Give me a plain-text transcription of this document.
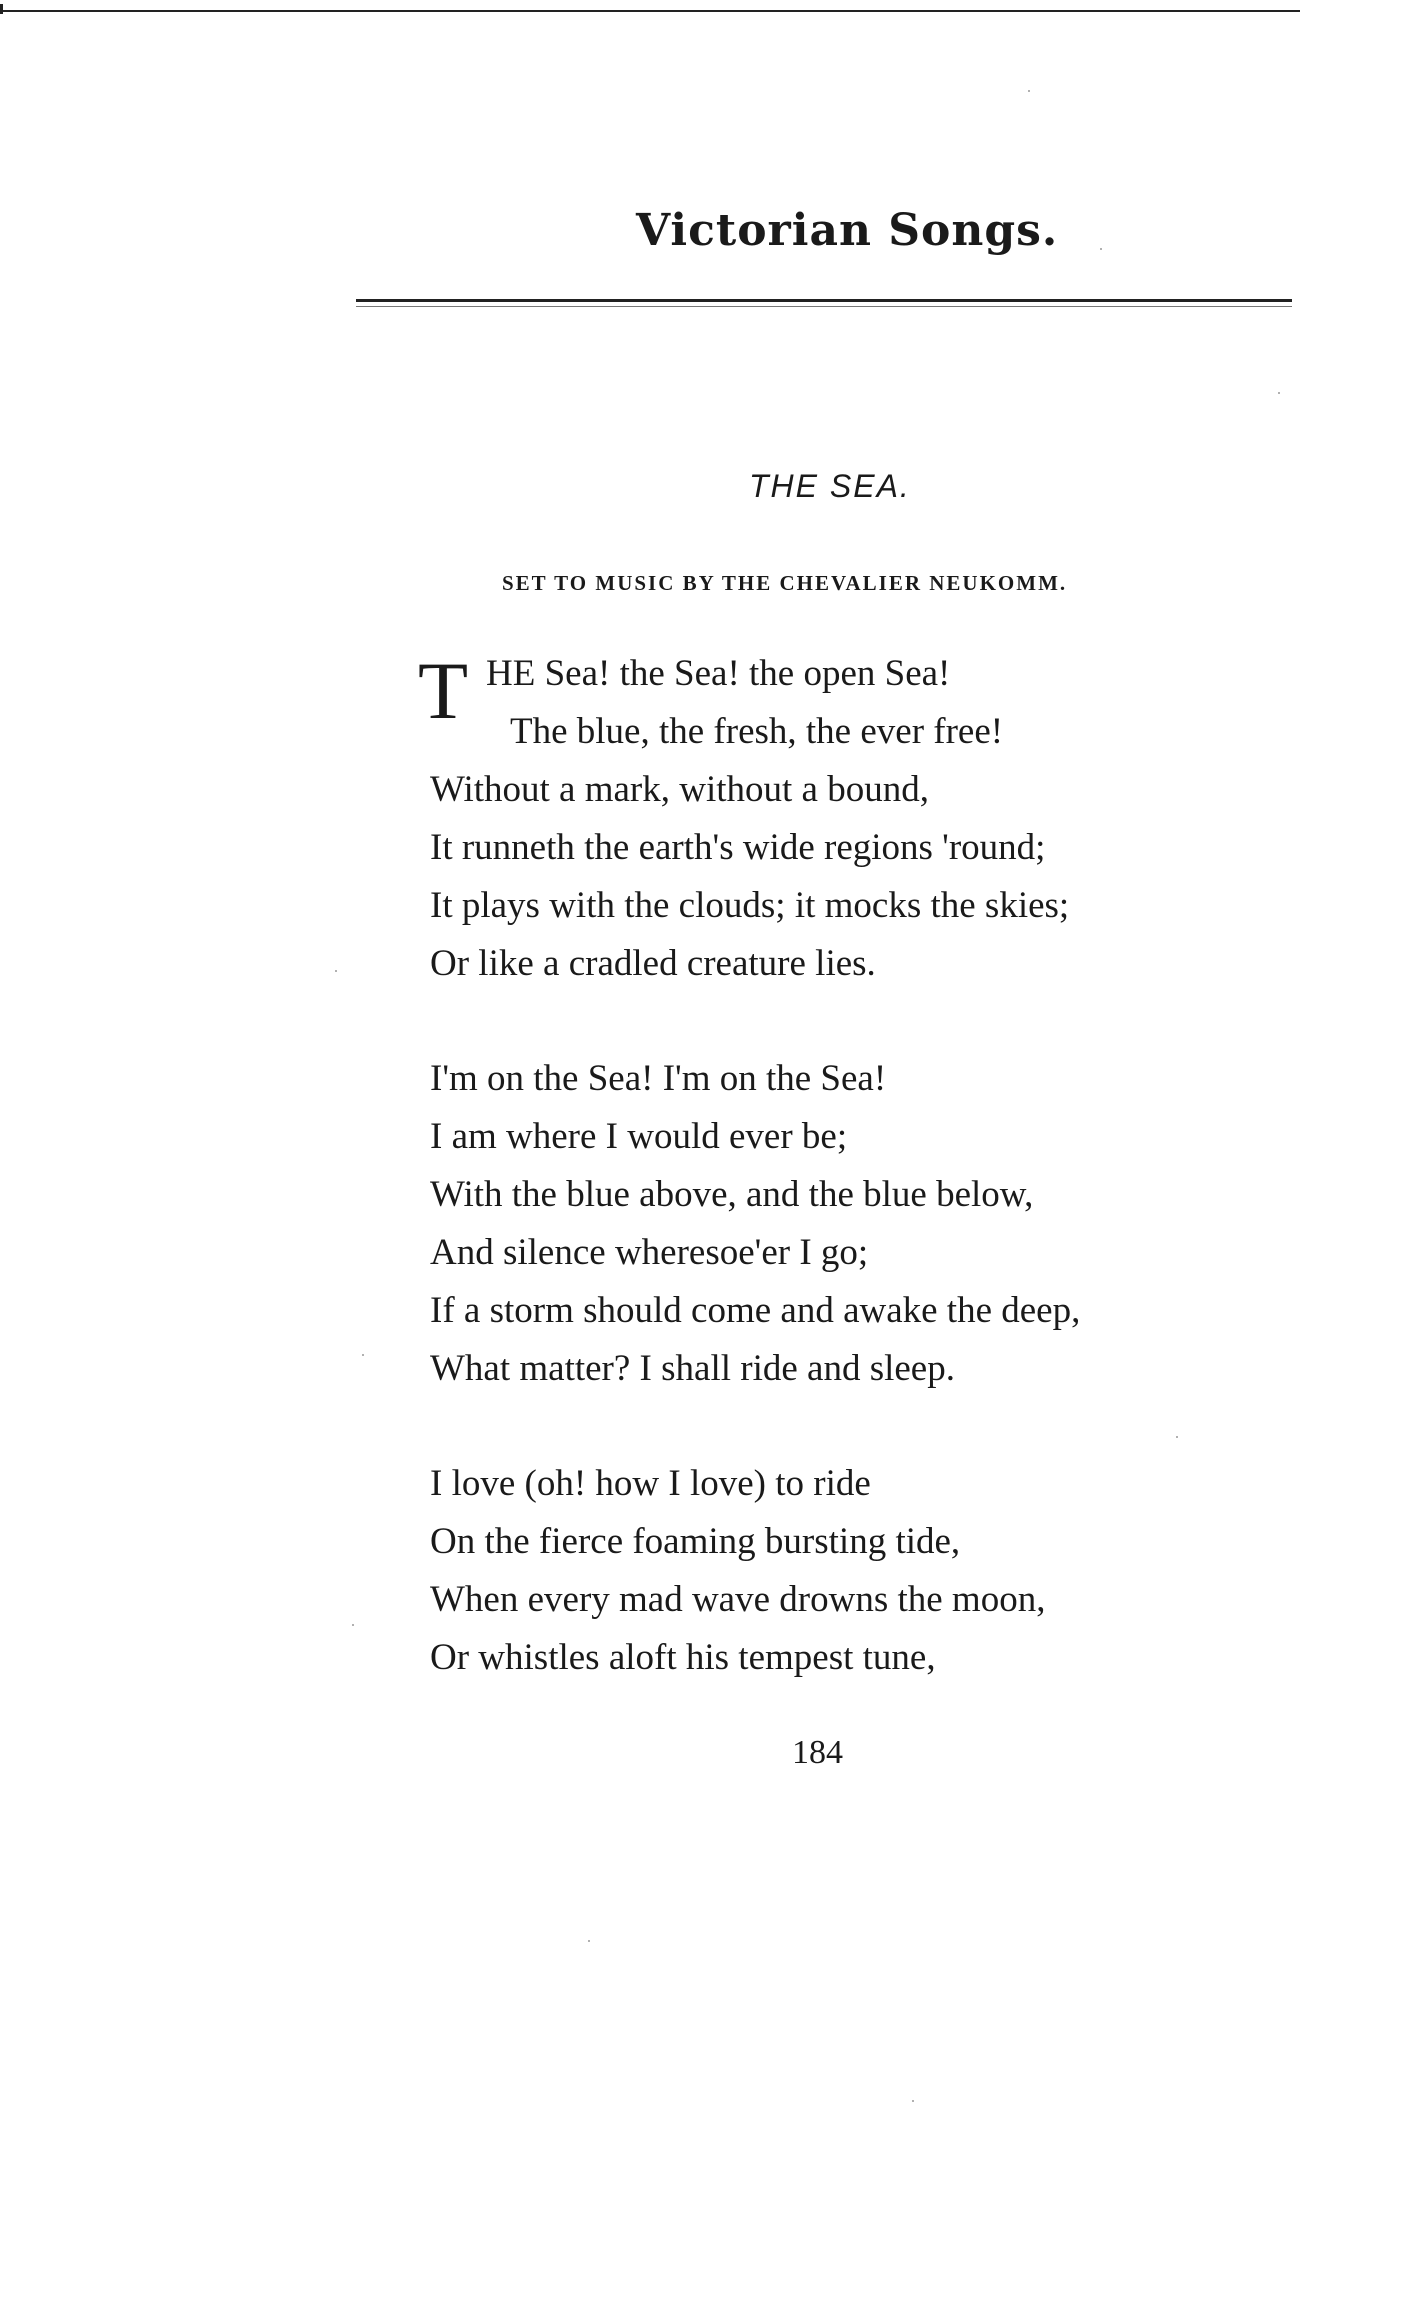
Victorian Songs.
THE SEA.
SET TO MUSIC BY THE CHEVALIER NEUKOMM.
T HE Sea! the Sea! the open Sea!
The blue, the fresh, the ever free!
Without a mark, without a bound,
It runneth the earth's wide regions 'round;
It plays with the clouds; it mocks the skies;
Or like a cradled creature lies.
I'm on the Sea! I'm on the Sea!
I am where I would ever be;
With the blue above, and the blue below,
And silence wheresoe'er I go;
If a storm should come and awake the deep,
What matter? I shall ride and sleep.
I love (oh! how I love) to ride
On the fierce foaming bursting tide,
When every mad wave drowns the moon,
Or whistles aloft his tempest tune,
184
